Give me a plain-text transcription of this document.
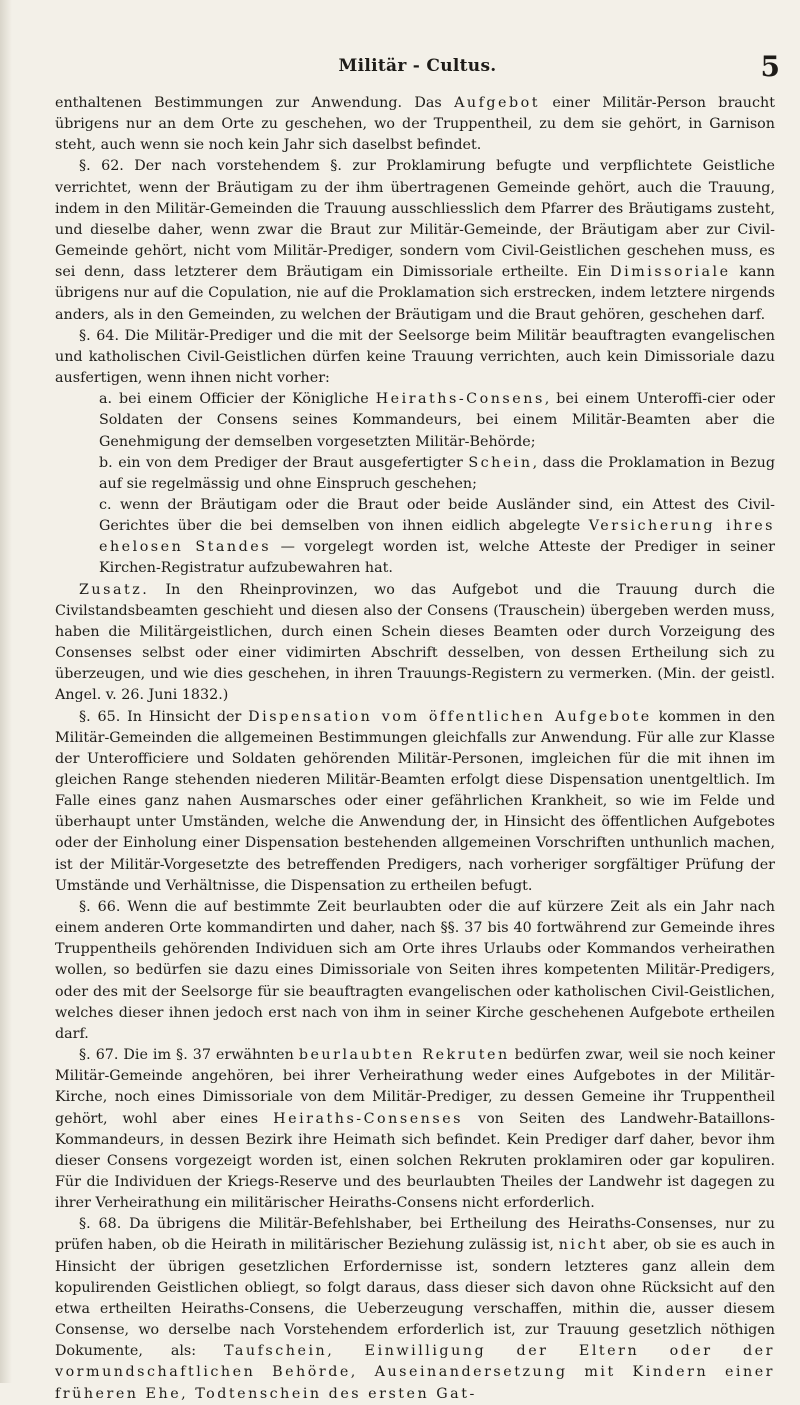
Militär - Cultus.	5

enthaltenen Bestimmungen zur Anwendung. Das Aufgebot einer Militär-Person braucht übrigens nur an dem Orte zu geschehen, wo der Truppentheil, zu dem sie gehört, in Garnison steht, auch wenn sie noch kein Jahr sich daselbst befindet.

§. 62. Der nach vorstehendem §. zur Proklamirung befugte und verpflichtete Geistliche verrichtet, wenn der Bräutigam zu der ihm übertragenen Gemeinde gehört, auch die Trauung, indem in den Militär-Gemeinden die Trauung ausschliesslich dem Pfarrer des Bräutigams zusteht, und dieselbe daher, wenn zwar die Braut zur Militär-Gemeinde, der Bräutigam aber zur Civil-Gemeinde gehört, nicht vom Militär-Prediger, sondern vom Civil-Geistlichen geschehen muss, es sei denn, dass letzterer dem Bräutigam ein Dimissoriale ertheilte. Ein Dimissoriale kann übrigens nur auf die Copulation, nie auf die Proklamation sich erstrecken, indem letztere nirgends anders, als in den Gemeinden, zu welchen der Bräutigam und die Braut gehören, geschehen darf.

§. 64. Die Militär-Prediger und die mit der Seelsorge beim Militär beauftragten evangelischen und katholischen Civil-Geistlichen dürfen keine Trauung verrichten, auch kein Dimissoriale dazu ausfertigen, wenn ihnen nicht vorher:

a. bei einem Officier der Königliche Heiraths-Consens, bei einem Unteroffi-cier oder Soldaten der Consens seines Kommandeurs, bei einem Militär-Beamten aber die Genehmigung der demselben vorgesetzten Militär-Behörde;

b. ein von dem Prediger der Braut ausgefertigter Schein, dass die Proklamation in Bezug auf sie regelmässig und ohne Einspruch geschehen;

c. wenn der Bräutigam oder die Braut oder beide Ausländer sind, ein Attest des Civil-Gerichtes über die bei demselben von ihnen eidlich abgelegte Versicherung ihres ehelosen Standes — vorgelegt worden ist, welche Atteste der Prediger in seiner Kirchen-Registratur aufzubewahren hat.

Zusatz. In den Rheinprovinzen, wo das Aufgebot und die Trauung durch die Civilstandsbeamten geschieht und diesen also der Consens (Trauschein) übergeben werden muss, haben die Militärgeistlichen, durch einen Schein dieses Beamten oder durch Vorzeigung des Consenses selbst oder einer vidimirten Abschrift desselben, von dessen Ertheilung sich zu überzeugen, und wie dies geschehen, in ihren Trauungs-Registern zu vermerken. (Min. der geistl. Angel. v. 26. Juni 1832.)

§. 65. In Hinsicht der Dispensation vom öffentlichen Aufgebote kommen in den Militär-Gemeinden die allgemeinen Bestimmungen gleichfalls zur Anwendung. Für alle zur Klasse der Unterofficiere und Soldaten gehörenden Militär-Personen, imgleichen für die mit ihnen im gleichen Range stehenden niederen Militär-Beamten erfolgt diese Dispensation unentgeltlich. Im Falle eines ganz nahen Ausmarsches oder einer gefährlichen Krankheit, so wie im Felde und überhaupt unter Umständen, welche die Anwendung der, in Hinsicht des öffentlichen Aufgebotes oder der Einholung einer Dispensation bestehenden allgemeinen Vorschriften unthunlich machen, ist der Militär-Vorgesetzte des betreffenden Predigers, nach vorheriger sorgfältiger Prüfung der Umstände und Verhältnisse, die Dispensation zu ertheilen befugt.

§. 66. Wenn die auf bestimmte Zeit beurlaubten oder die auf kürzere Zeit als ein Jahr nach einem anderen Orte kommandirten und daher, nach §§. 37 bis 40 fortwährend zur Gemeinde ihres Truppentheils gehörenden Individuen sich am Orte ihres Urlaubs oder Kommandos verheirathen wollen, so bedürfen sie dazu eines Dimissoriale von Seiten ihres kompetenten Militär-Predigers, oder des mit der Seelsorge für sie beauftragten evangelischen oder katholischen Civil-Geistlichen, welches dieser ihnen jedoch erst nach von ihm in seiner Kirche geschehenen Aufgebote ertheilen darf.

§. 67. Die im §. 37 erwähnten beurlaubten Rekruten bedürfen zwar, weil sie noch keiner Militär-Gemeinde angehören, bei ihrer Verheirathung weder eines Aufgebotes in der Militär-Kirche, noch eines Dimissoriale von dem Militär-Prediger, zu dessen Gemeine ihr Truppentheil gehört, wohl aber eines Heiraths-Consenses von Seiten des Landwehr-Bataillons-Kommandeurs, in dessen Bezirk ihre Heimath sich befindet. Kein Prediger darf daher, bevor ihm dieser Consens vorgezeigt worden ist, einen solchen Rekruten proklamiren oder gar kopuliren. Für die Individuen der Kriegs-Reserve und des beurlaubten Theiles der Landwehr ist dagegen zu ihrer Verheirathung ein militärischer Heiraths-Consens nicht erforderlich.

§. 68. Da übrigens die Militär-Befehlshaber, bei Ertheilung des Heiraths-Consenses, nur zu prüfen haben, ob die Heirath in militärischer Beziehung zulässig ist, nicht aber, ob sie es auch in Hinsicht der übrigen gesetzlichen Erfordernisse ist, sondern letzteres ganz allein dem kopulirenden Geistlichen obliegt, so folgt daraus, dass dieser sich davon ohne Rücksicht auf den etwa ertheilten Heiraths-Consens, die Ueberzeugung verschaffen, mithin die, ausser diesem Consense, wo derselbe nach Vorstehendem erforderlich ist, zur Trauung gesetzlich nöthigen Dokumente, als: Taufschein, Einwilligung der Eltern oder der vormundschaftlichen Behörde, Auseinandersetzung mit Kindern einer früheren Ehe, Todtenschein des ersten Gat-
